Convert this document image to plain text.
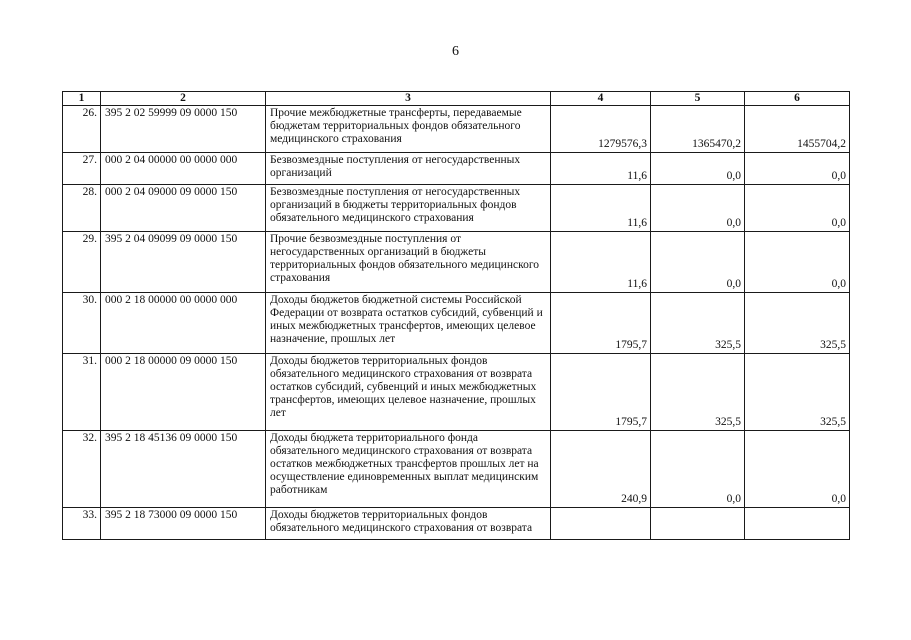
6
1	2	3	4	5	6
26.	395 2 02 59999 09 0000 150	Прочие межбюджетные трансферты, передаваемые бюджетам территориальных фондов обязательного медицинского страхования	1279576,3	1365470,2	1455704,2

27.	000 2 04 00000 00 0000 000	Безвозмездные поступления от негосударственных организаций	11,6	0,0	0,0

28.	000 2 04 09000 09 0000 150	Безвозмездные поступления от негосударственных организаций в бюджеты территориальных фондов обязательного медицинского страхования	11,6	0,0	0,0

29.	395 2 04 09099 09 0000 150	Прочие безвозмездные поступления от негосударственных организаций в бюджеты территориальных фондов обязательного медицинского страхования	11,6	0,0	0,0

30.	000 2 18 00000 00 0000 000	Доходы бюджетов бюджетной системы Российской Федерации от возврата остатков субсидий, субвенций и иных межбюджетных трансфертов, имеющих целевое назначение, прошлых лет	1795,7	325,5	325,5

31.	000 2 18 00000 09 0000 150	Доходы бюджетов территориальных фондов обязательного медицинского страхования от возврата остатков субсидий, субвенций и иных межбюджетных трансфертов, имеющих целевое назначение, прошлых лет	1795,7	325,5	325,5

32.	395 2 18 45136 09 0000 150	Доходы бюджета территориального фонда обязательного медицинского страхования от возврата остатков межбюджетных трансфертов прошлых лет на осуществление единовременных выплат медицинским работникам	240,9	0,0	0,0

33.	395 2 18 73000 09 0000 150	Доходы бюджетов территориальных фондов обязательного медицинского страхования от возврата	
